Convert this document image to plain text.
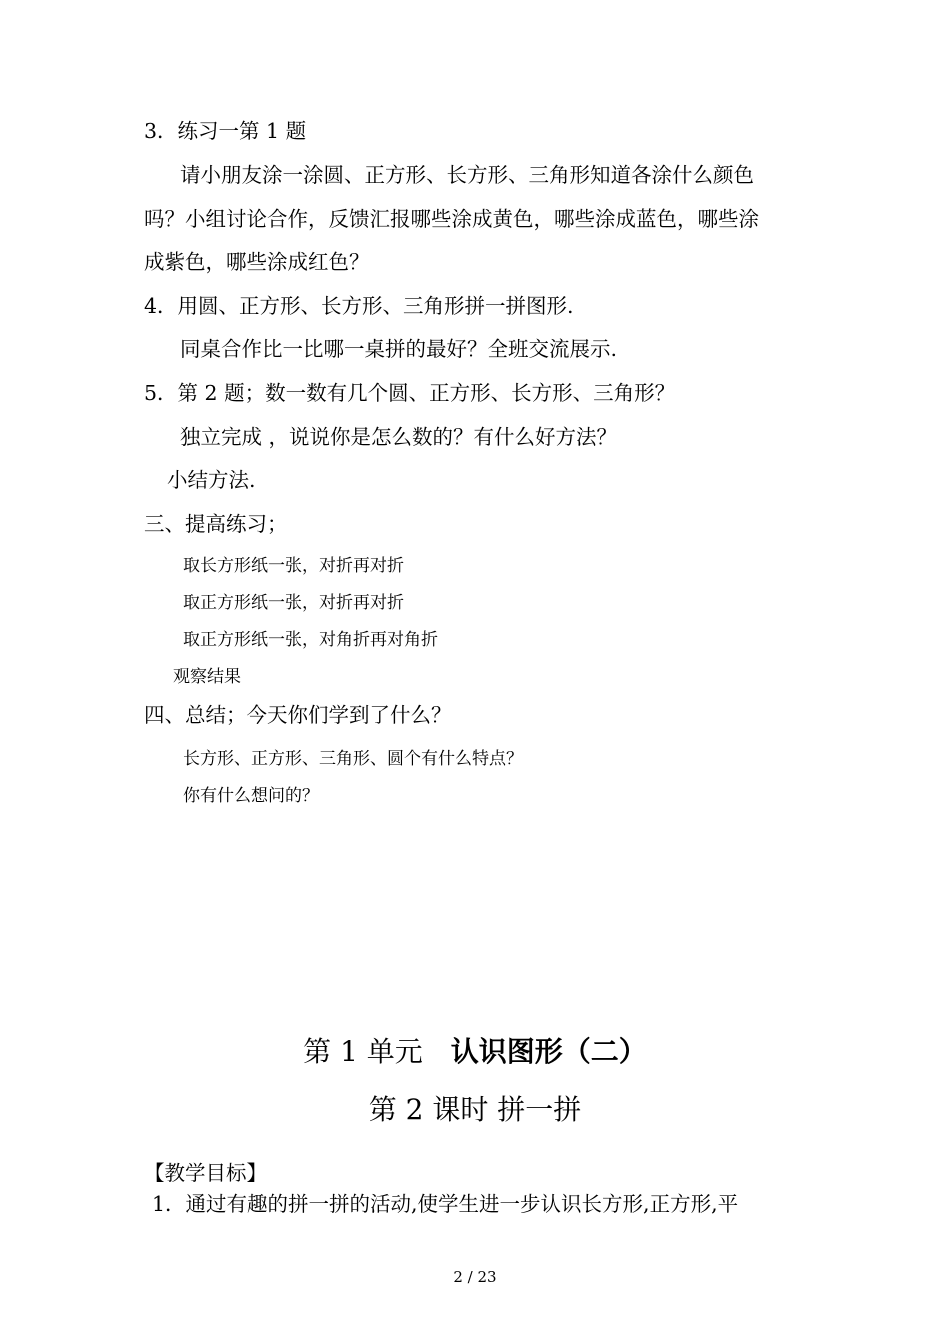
3．练习一第 1 题
请小朋友涂一涂圆、正方形、长方形、三角形知道各涂什么颜色
吗？小组讨论合作，反馈汇报哪些涂成黄色，哪些涂成蓝色，哪些涂
成紫色，哪些涂成红色？
4．用圆、正方形、长方形、三角形拼一拼图形.
同桌合作比一比哪一桌拼的最好？全班交流展示.
5．第 2 题；数一数有几个圆、正方形、长方形、三角形？
独立完成 ，说说你是怎么数的？有什么好方法？
小结方法.
三、提高练习；
取长方形纸一张，对折再对折
取正方形纸一张，对折再对折
取正方形纸一张，对角折再对角折
观察结果
四、总结；今天你们学到了什么？
长方形、正方形、三角形、圆个有什么特点？
你有什么想问的？
第 1 单元 认识图形（二）
第 2 课时 拼一拼
【教学目标】
1．通过有趣的拼一拼的活动,使学生进一步认识长方形,正方形,平
2 / 23
